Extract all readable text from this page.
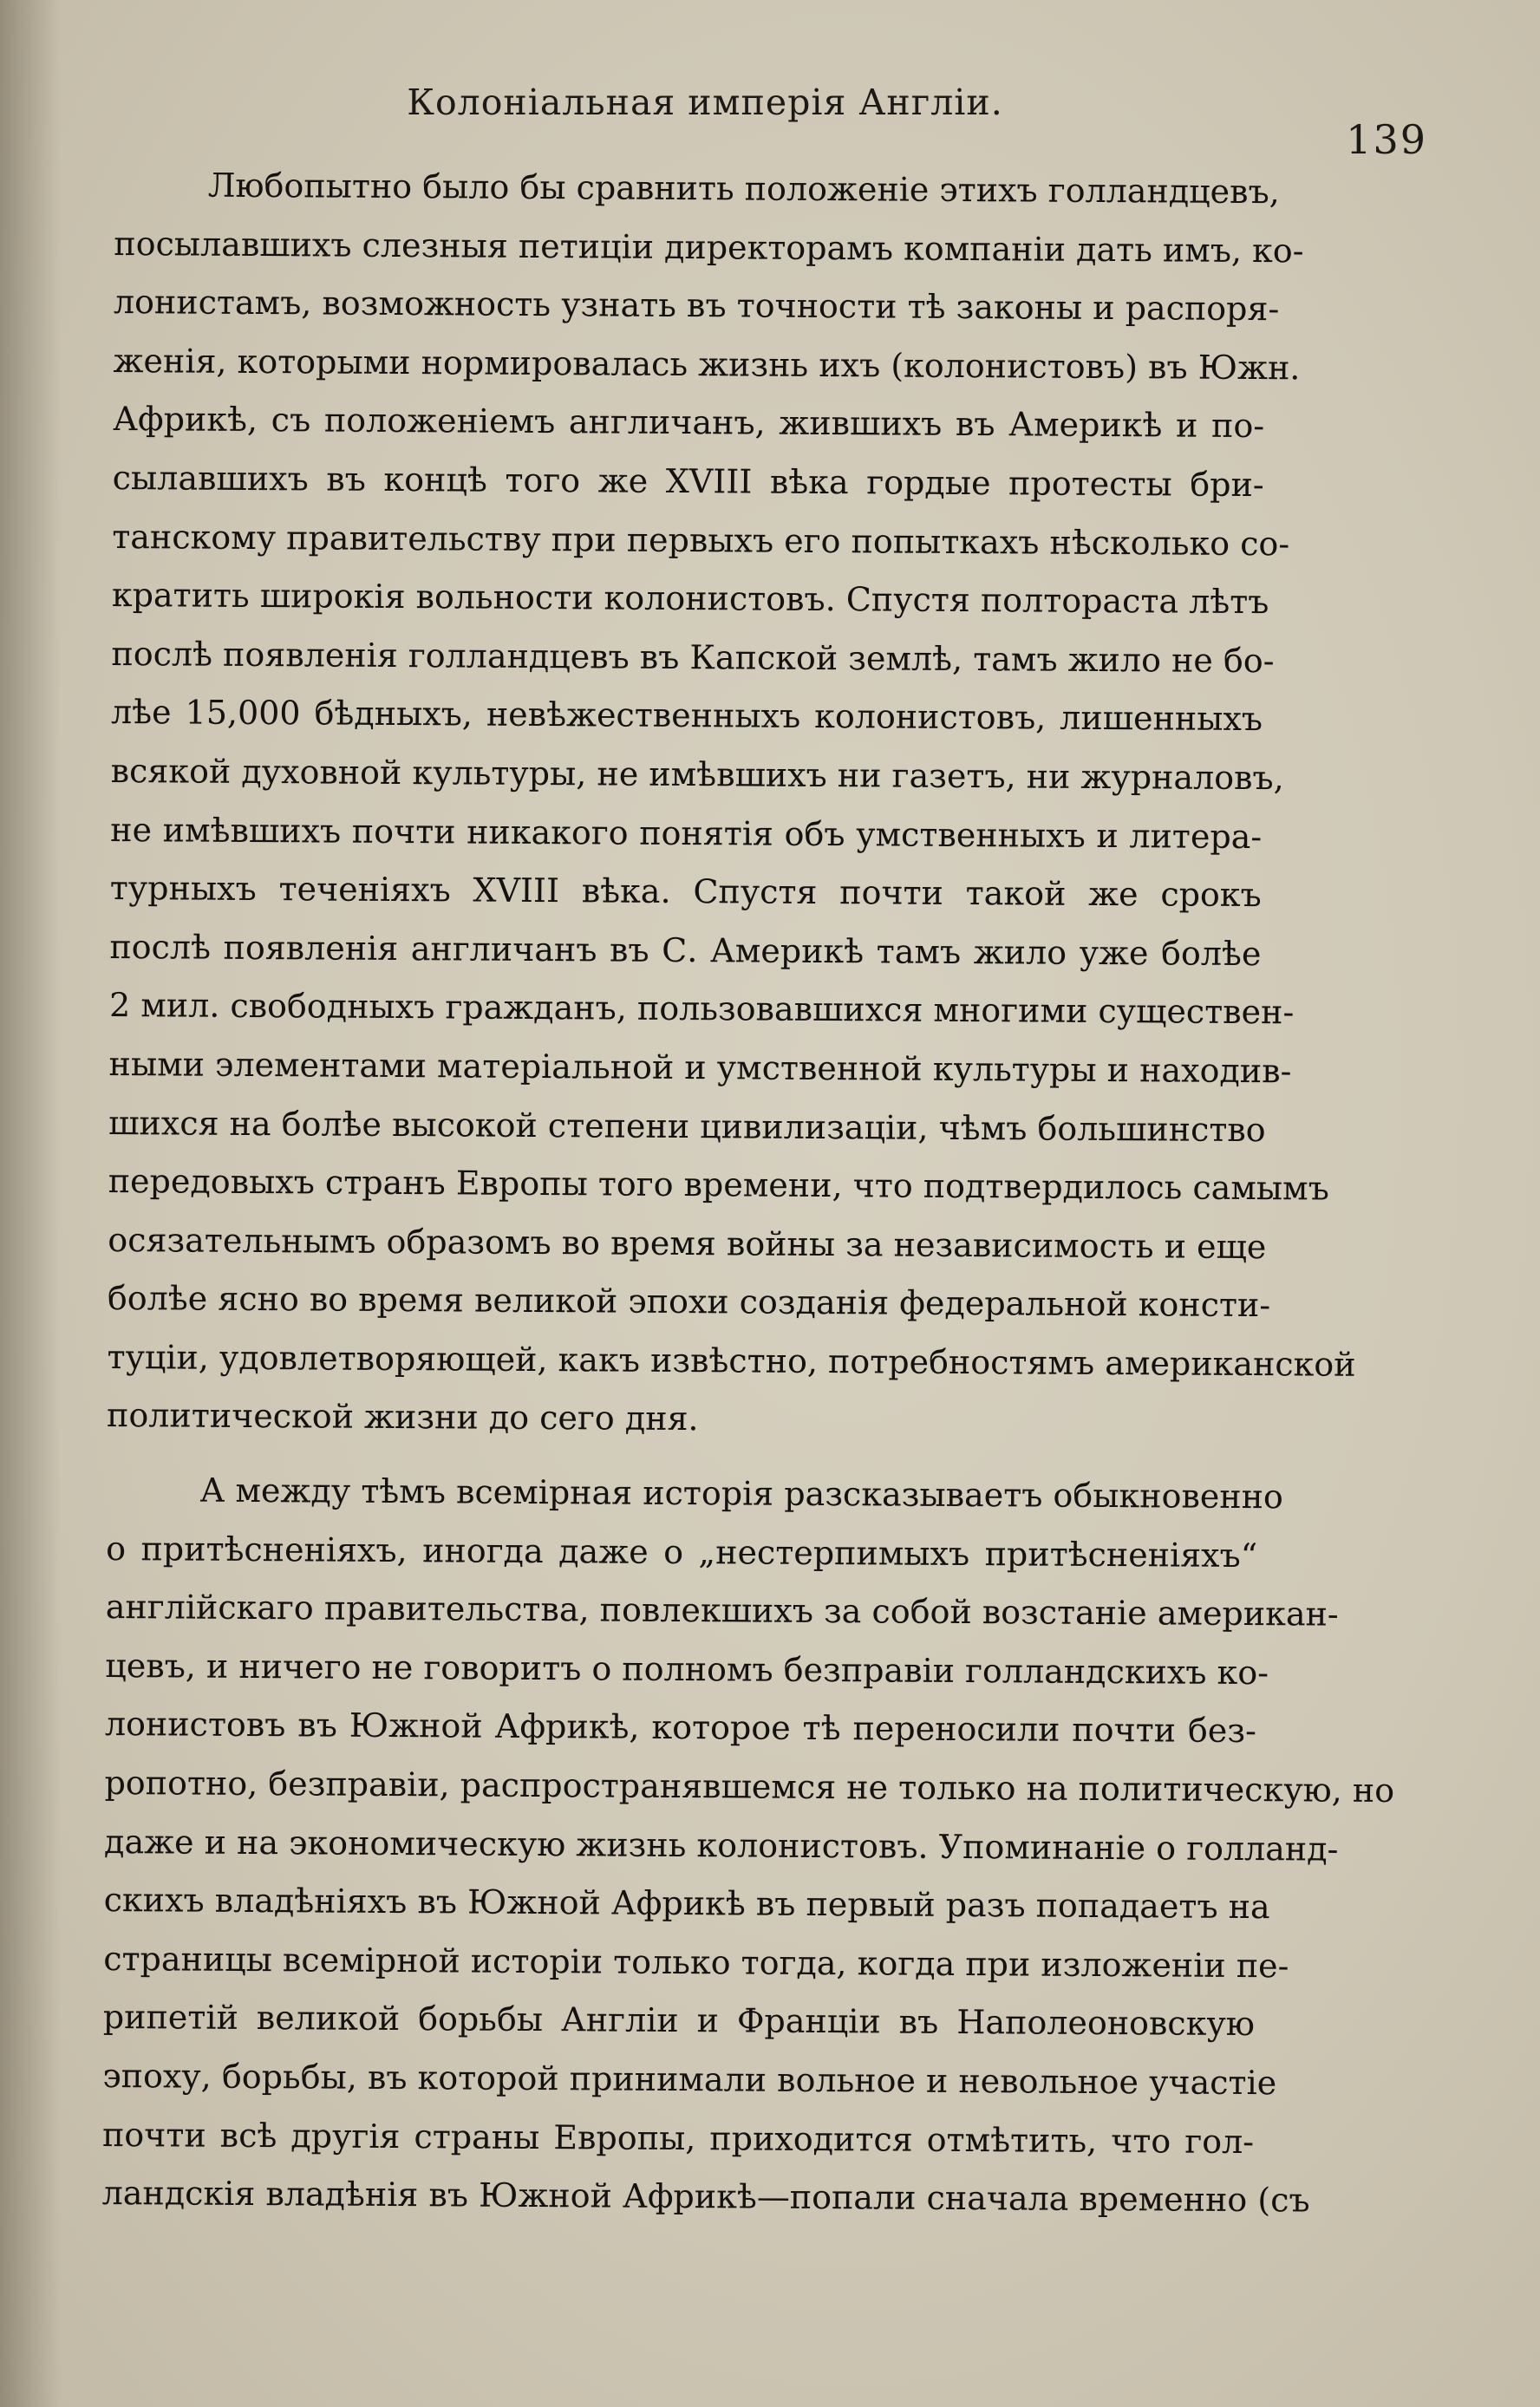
Колоніальная имперія Англіи.
139
Любопытно было бы сравнить положеніе этихъ голландцевъ,
посылавшихъ слезныя петиціи директорамъ компаніи дать имъ, ко-
лонистамъ, возможность узнать въ точности тѣ законы и распоря-
женія, которыми нормировалась жизнь ихъ (колонистовъ) въ Южн.
Африкѣ, съ положеніемъ англичанъ, жившихъ въ Америкѣ и по-
сылавшихъ въ концѣ того же XVIII вѣка гордые протесты бри-
танскому правительству при первыхъ его попыткахъ нѣсколько со-
кратить широкія вольности колонистовъ. Спустя полтораста лѣтъ
послѣ появленія голландцевъ въ Капской землѣ, тамъ жило не бо-
лѣе 15,000 бѣдныхъ, невѣжественныхъ колонистовъ, лишенныхъ
всякой духовной культуры, не имѣвшихъ ни газетъ, ни журналовъ,
не имѣвшихъ почти никакого понятія объ умственныхъ и литера-
турныхъ теченіяхъ XVIII вѣка. Спустя почти такой же срокъ
послѣ появленія англичанъ въ С. Америкѣ тамъ жило уже болѣе
2 мил. свободныхъ гражданъ, пользовавшихся многими существен-
ными элементами матеріальной и умственной культуры и находив-
шихся на болѣе высокой степени цивилизаціи, чѣмъ большинство
передовыхъ странъ Европы того времени, что подтвердилось самымъ
осязательнымъ образомъ во время войны за независимость и еще
болѣе ясно во время великой эпохи созданія федеральной консти-
туціи, удовлетворяющей, какъ извѣстно, потребностямъ американской
политической жизни до сего дня.
А между тѣмъ всемірная исторія разсказываетъ обыкновенно
о притѣсненіяхъ, иногда даже о „нестерпимыхъ притѣсненіяхъ“
англійскаго правительства, повлекшихъ за собой возстаніе американ-
цевъ, и ничего не говоритъ о полномъ безправіи голландскихъ ко-
лонистовъ въ Южной Африкѣ, которое тѣ переносили почти без-
ропотно, безправіи, распространявшемся не только на политическую, но
даже и на экономическую жизнь колонистовъ. Упоминаніе о голланд-
скихъ владѣніяхъ въ Южной Африкѣ въ первый разъ попадаетъ на
страницы всемірной исторіи только тогда, когда при изложеніи пе-
рипетій великой борьбы Англіи и Франціи въ Наполеоновскую
эпоху, борьбы, въ которой принимали вольное и невольное участіе
почти всѣ другія страны Европы, приходится отмѣтить, что гол-
ландскія владѣнія въ Южной Африкѣ—попали сначала временно (съ
